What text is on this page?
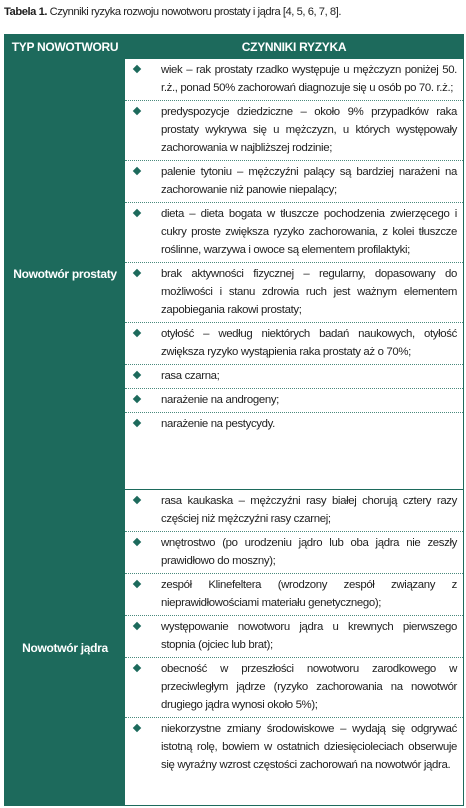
Tabela 1. Czynniki ryzyka rozwoju nowotworu prostaty i jądra [4, 5, 6, 7, 8].
TYP NOWOTWORU	CZYNNIKI RYZYKA
Nowotwór prostaty
wiek – rak prostaty rzadko występuje u mężczyzn poniżej 50. r.ż., ponad 50% zachorowań diagnozuje się u osób po 70. r.ż.;
predyspozycje dziedziczne – około 9% przypadków raka prostaty wykrywa się u mężczyzn, u których występowały zachorowania w najbliższej rodzinie;
palenie tytoniu – mężczyźni palący są bardziej narażeni na zachorowanie niż panowie niepalący;
dieta – dieta bogata w tłuszcze pochodzenia zwierzęcego i cukry proste zwiększa ryzyko zachorowania, z kolei tłuszcze roślinne, warzywa i owoce są elementem profilaktyki;
brak aktywności fizycznej – regularny, dopasowany do możliwości i stanu zdrowia ruch jest ważnym elementem zapobiegania rakowi prostaty;
otyłość – według niektórych badań naukowych, otyłość zwiększa ryzyko wystąpienia raka prostaty aż o 70%;
rasa czarna;
narażenie na androgeny;
narażenie na pestycydy.
Nowotwór jądra
rasa kaukaska – mężczyźni rasy białej chorują cztery razy częściej niż mężczyźni rasy czarnej;
wnętrostwo (po urodzeniu jądro lub oba jądra nie zeszły prawidłowo do moszny);
zespół Klinefeltera (wrodzony zespół związany z nieprawidłowościami materiału genetycznego);
występowanie nowotworu jądra u krewnych pierwszego stopnia (ojciec lub brat);
obecność w przeszłości nowotworu zarodkowego w przeciwległym jądrze (ryzyko zachorowania na nowotwór drugiego jądra wynosi około 5%);
niekorzystne zmiany środowiskowe – wydają się odgrywać istotną rolę, bowiem w ostatnich dziesięcioleciach obserwuje się wyraźny wzrost częstości zachorowań na nowotwór jądra.
